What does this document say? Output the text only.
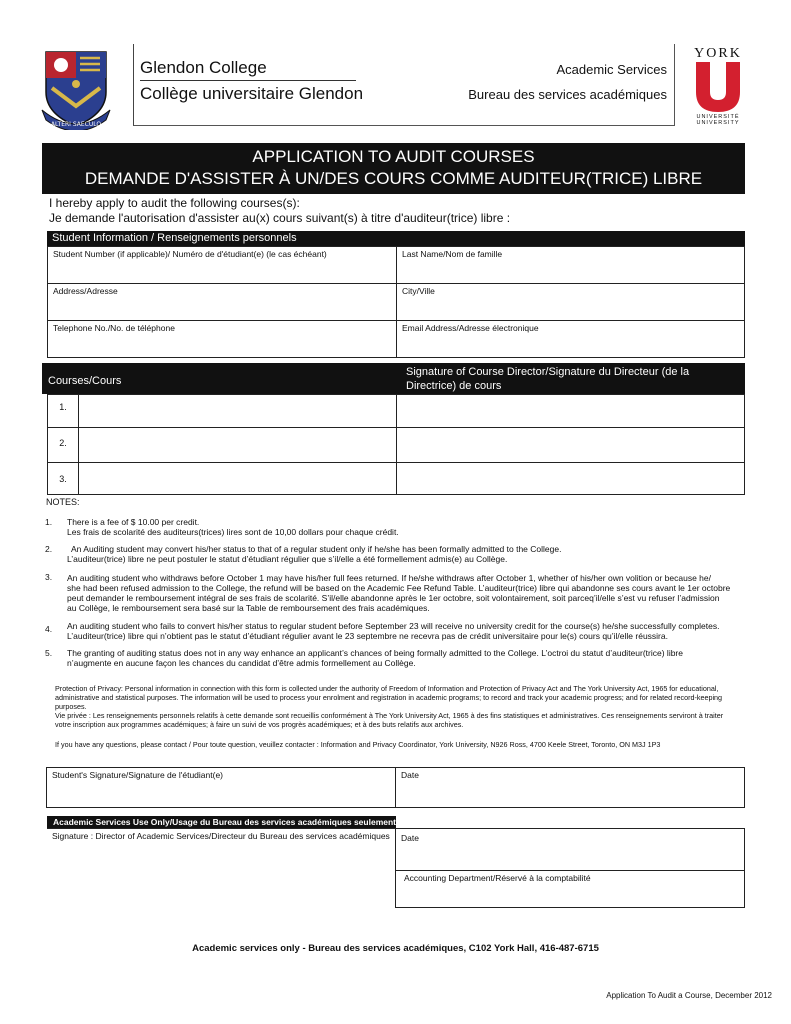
ALTERI SAECULO
Glendon College
Collège universitaire Glendon
Academic Services
Bureau des services académiques
YORK
UNIVERSITÉ
UNIVERSITY
APPLICATION TO AUDIT COURSES
DEMANDE D'ASSISTER À UN/DES COURS COMME AUDITEUR(TRICE) LIBRE
I hereby apply to audit the following courses(s):
Je demande l'autorisation d'assister au(x) cours suivant(s) à titre d'auditeur(trice) libre :
Student Information / Renseignements personnels
Student Number (if applicable)/ Numéro de d'étudiant(e) (le cas échéant)	Last Name/Nom de famille
Address/Adresse	City/Ville
Telephone No./No. de téléphone	Email Address/Adresse électronique
Courses/Cours
Signature of Course Director/Signature du Directeur (de la Directrice) de cours
1.
2.
3.
NOTES:
1. There is a fee of $ 10.00 per credit.
Les frais de scolarité des auditeurs(trices) lires sont de 10,00 dollars pour chaque crédit.
2.	An Auditing student may convert his/her status to that of a regular student only if he/she has been formally admitted to the College.
L’auditeur(trice) libre ne peut postuler le statut d’étudiant régulier que s’il/elle a été formellement admis(e) au Collège.
3. An auditing student who withdraws before October 1 may have his/her full fees returned. If he/she withdraws after October 1, whether of his/her own volition or because he/
she had been refused admission to the College, the refund will be based on the Academic Fee Refund Table. L’auditeur(trice) libre qui abandonne ses cours avant le 1er octobre
peut demander le remboursement intégral de ses frais de scolarité. S’il/elle abandonne après le 1er octobre, soit volontairement, soit parceq’il/elle s’est vu refuser l’admission
au Collège, le remboursement sera basé sur la Table de remboursement des frais académiques.
4. An auditing student who fails to convert his/her status to regular student before September 23 will receive no university credit for the course(s) he/she successfully completes.
L’auditeur(trice) libre qui n’obtient pas le statut d’étudiant régulier avant le 23 septembre ne recevra pas de crédit universitaire pour le(s) cours qu’il/elle réussira.
5. The granting of auditing status does not in any way enhance an applicant’s chances of being formally admitted to the College. L’octroi du statut d’auditeur(trice) libre
n’augmente en aucune façon les chances du candidat d’être admis formellement au Collège.
Protection of Privacy: Personal information in connection with this form is collected under the authority of Freedom of Information and Protection of Privacy Act and The York University Act, 1965 for educational,
administrative and statistical purposes. The information will be used to process your enrolment and registration in academic programs; to record and track your academic progress; and for related record-keeping
purposes.
Vie privée : Les renseignements personnels relatifs à cette demande sont recueillis conformément à The York University Act, 1965 à des fins statistiques et administratives. Ces renseignements serviront à traiter
votre inscription aux programmes académiques; à faire un suivi de vos progrès académiques; et à des buts relatifs aux archives.
If you have any questions, please contact / Pour toute question, veuillez contacter : Information and Privacy Coordinator, York University, N926 Ross, 4700 Keele Street, Toronto, ON M3J 1P3
Student's Signature/Signature de l'étudiant(e)	Date
Academic Services Use Only/Usage du Bureau des services académiques seulement
Signature : Director of Academic Services/Directeur du Bureau des services académiques	Date
Accounting Department/Réservé à la comptabilité
Academic services only - Bureau des services académiques, C102 York Hall, 416-487-6715
Application To Audit a Course, December 2012
